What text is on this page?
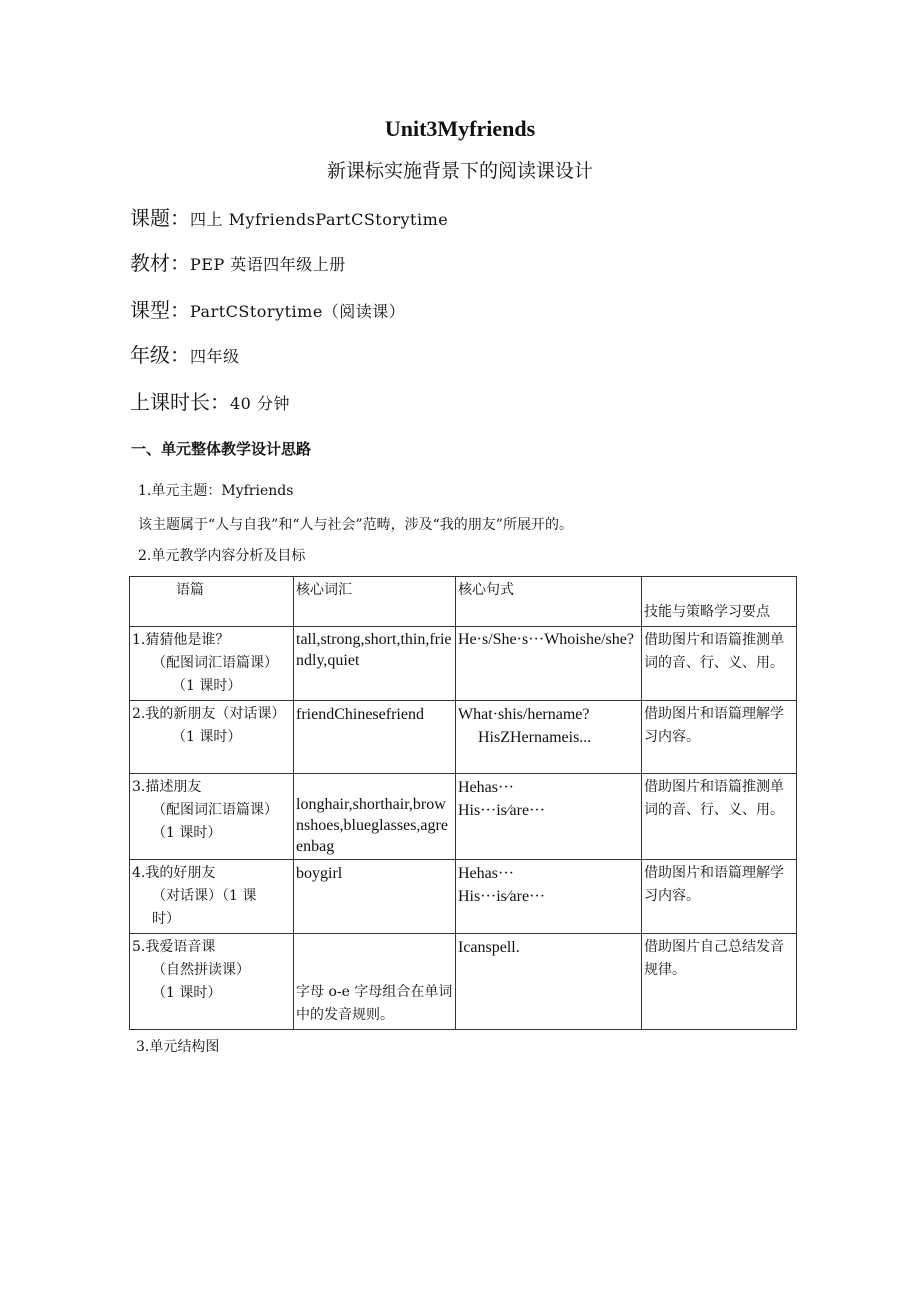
Unit3Myfriends
新课标实施背景下的阅读课设计
课题：四上 MyfriendsPartCStorytime
教材：PEP 英语四年级上册
课型：PartCStorytime（阅读课）
年级：四年级
上课时长：40 分钟
一、单元整体教学设计思路
1.单元主题：Myfriends
该主题属于“人与自我”和“人与社会”范畴，涉及“我的朋友”所展开的。
2.单元教学内容分析及目标
语篇	核心词汇	核心句式	技能与策略学习要点

1.猜猜他是谁？
（配图词汇语篇课）
（1 课时）	tall,strong,short,thin,friendly,quiet	He·s/She·s···Whoishe/she?	借助图片和语篇推测单词的音、行、义、用。

2.我的新朋友（对话课）
（1 课时）	friendChinesefriend	What·shis/hername?
HisZHernameis...	借助图片和语篇理解学习内容。

3.描述朋友
（配图词汇语篇课）
（1 课时）	longhair,shorthair,brownshoes,blueglasses,agreenbag	Hehas···
His···is∕are···	借助图片和语篇推测单词的音、行、义、用。

4.我的好朋友
（对话课）（1 课时）	boygirl	Hehas···
His···is∕are···	借助图片和语篇理解学习内容。

5.我爱语音课
（自然拼读课）
（1 课时）	字母 o-e 字母组合在单词中的发音规则。	Icanspell.	借助图片自己总结发音规律。
3.单元结构图
